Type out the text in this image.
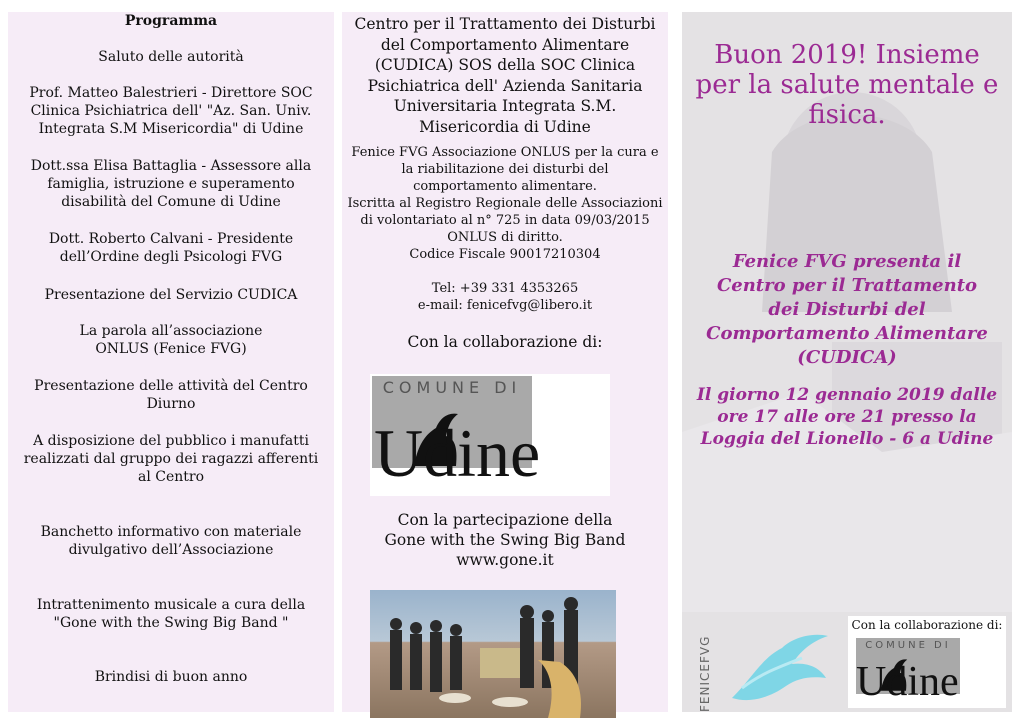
Programma
Saluto delle autorità
Prof. Matteo Balestrieri - Direttore SOC Clinica Psichiatrica dell' "Az. San. Univ. Integrata S.M Misericordia" di Udine
Dott.ssa Elisa Battaglia - Assessore alla famiglia, istruzione e superamento disabilità del Comune di Udine
Dott. Roberto Calvani - Presidente dell’Ordine degli Psicologi FVG
Presentazione del Servizio CUDICA
La parola all’associazione ONLUS (Fenice FVG)
Presentazione delle attività del Centro Diurno
A disposizione del pubblico i manufatti realizzati dal gruppo dei ragazzi afferenti al Centro
Banchetto informativo con materiale divulgativo dell’Associazione
Intrattenimento musicale a cura della "Gone with the Swing Big Band "
Brindisi di buon anno
Centro per il Trattamento dei Disturbi del Comportamento Alimentare (CUDICA) SOS della SOC Clinica Psichiatrica dell' Azienda Sanitaria Universitaria Integrata S.M. Misericordia di Udine
Fenice FVG Associazione ONLUS per la cura e la riabilitazione dei disturbi del comportamento alimentare.
Iscritta al Registro Regionale delle Associazioni di volontariato al n° 725 in data 09/03/2015
ONLUS di diritto.
Codice Fiscale 90017210304
Tel: +39 331 4353265
e-mail: fenicefvg@libero.it
Con la collaborazione di:
COMUNE DI
Udine
Con la partecipazione della
Gone with the Swing Big Band
www.gone.it
Buon 2019! Insieme per la salute mentale e fisica.
Fenice FVG presenta il Centro per il Trattamento dei Disturbi del Comportamento Alimentare (CUDICA)
Il giorno 12 gennaio 2019 dalle ore 17 alle ore 21 presso la Loggia del Lionello - 6 a Udine
FENICEFVG
Con la collaborazione di:
COMUNE DI
Udine
